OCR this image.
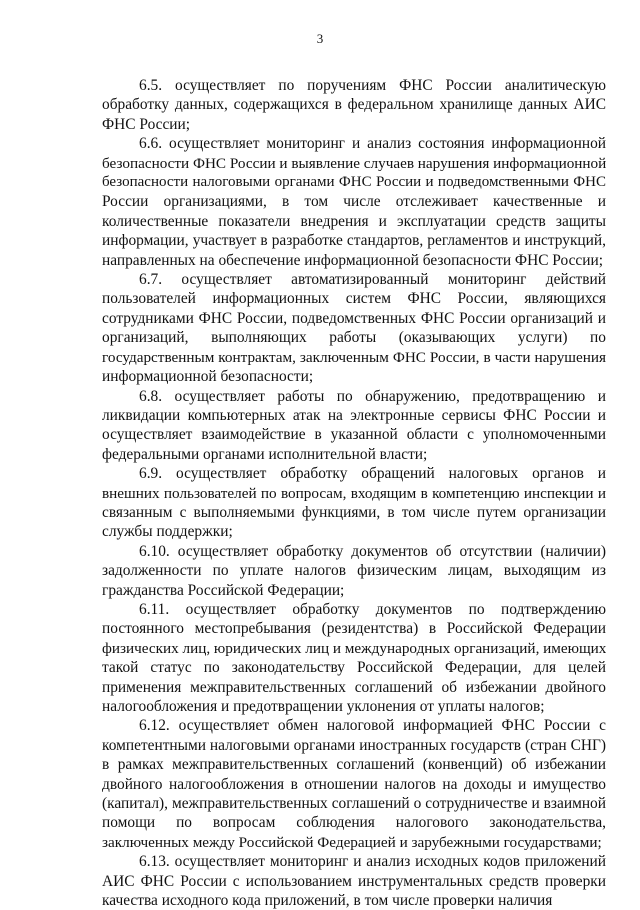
3
6.5. осуществляет по поручениям ФНС России аналитическую
обработку данных, содержащихся в федеральном хранилище данных АИС
ФНС России;
6.6. осуществляет мониторинг и анализ состояния информационной
безопасности ФНС России и выявление случаев нарушения информационной
безопасности налоговыми органами ФНС России и подведомственными ФНС
России организациями, в том числе отслеживает качественные и
количественные показатели внедрения и эксплуатации средств защиты
информации, участвует в разработке стандартов, регламентов и инструкций,
направленных на обеспечение информационной безопасности ФНС России;
6.7. осуществляет автоматизированный мониторинг действий
пользователей информационных систем ФНС России, являющихся
сотрудниками ФНС России, подведомственных ФНС России организаций и
организаций, выполняющих работы (оказывающих услуги) по
государственным контрактам, заключенным ФНС России, в части нарушения
информационной безопасности;
6.8. осуществляет работы по обнаружению, предотвращению и
ликвидации компьютерных атак на электронные сервисы ФНС России и
осуществляет взаимодействие в указанной области с уполномоченными
федеральными органами исполнительной власти;
6.9. осуществляет обработку обращений налоговых органов и
внешних пользователей по вопросам, входящим в компетенцию инспекции и
связанным с выполняемыми функциями, в том числе путем организации
службы поддержки;
6.10. осуществляет обработку документов об отсутствии (наличии)
задолженности по уплате налогов физическим лицам, выходящим из
гражданства Российской Федерации;
6.11. осуществляет обработку документов по подтверждению
постоянного местопребывания (резидентства) в Российской Федерации
физических лиц, юридических лиц и международных организаций, имеющих
такой статус по законодательству Российской Федерации, для целей
применения межправительственных соглашений об избежании двойного
налогообложения и предотвращении уклонения от уплаты налогов;
6.12. осуществляет обмен налоговой информацией ФНС России с
компетентными налоговыми органами иностранных государств (стран СНГ)
в рамках межправительственных соглашений (конвенций) об избежании
двойного налогообложения в отношении налогов на доходы и имущество
(капитал), межправительственных соглашений о сотрудничестве и взаимной
помощи по вопросам соблюдения налогового законодательства,
заключенных между Российской Федерацией и зарубежными государствами;
6.13. осуществляет мониторинг и анализ исходных кодов приложений
АИС ФНС России с использованием инструментальных средств проверки
качества исходного кода приложений, в том числе проверки наличия
